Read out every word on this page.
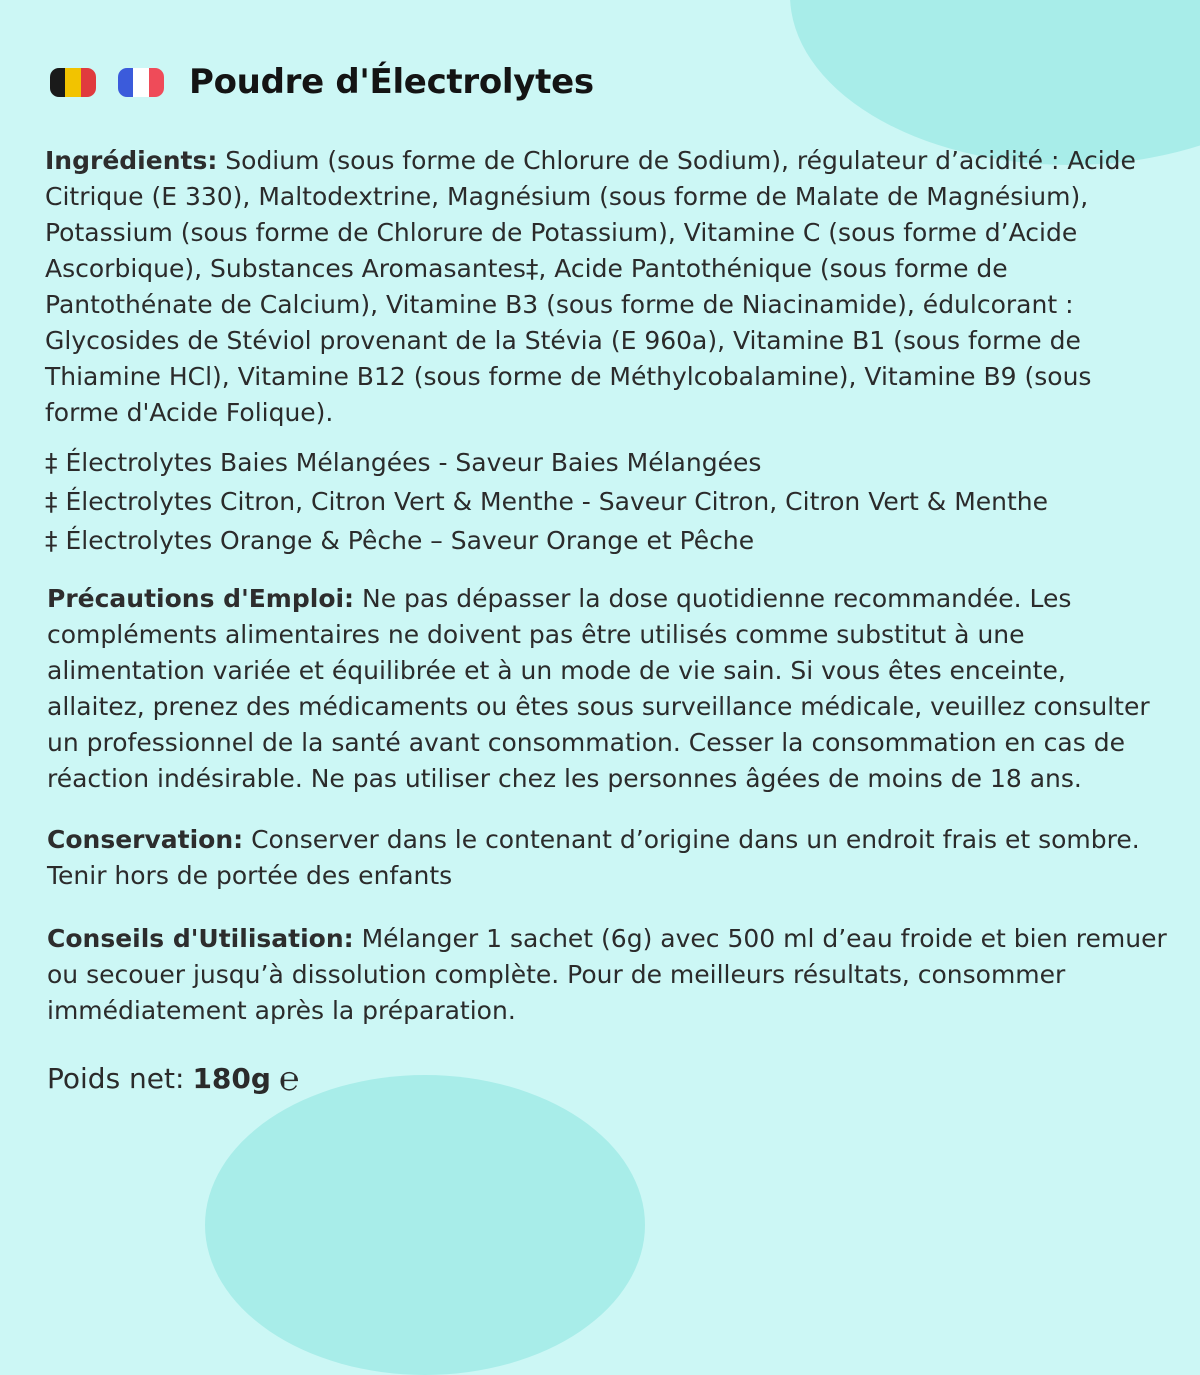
Poudre d'Électrolytes

Ingrédients: Sodium (sous forme de Chlorure de Sodium), régulateur d’acidité : Acide Citrique (E 330), Maltodextrine, Magnésium (sous forme de Malate de Magnésium), Potassium (sous forme de Chlorure de Potassium), Vitamine C (sous forme d’Acide Ascorbique), Substances Aromasantes‡, Acide Pantothénique (sous forme de Pantothénate de Calcium), Vitamine B3 (sous forme de Niacinamide), édulcorant : Glycosides de Stéviol provenant de la Stévia (E 960a), Vitamine B1 (sous forme de Thiamine HCl), Vitamine B12 (sous forme de Méthylcobalamine), Vitamine B9 (sous forme d'Acide Folique).

‡ Électrolytes Baies Mélangées - Saveur Baies Mélangées
‡ Électrolytes Citron, Citron Vert & Menthe - Saveur Citron, Citron Vert & Menthe
‡ Électrolytes Orange & Pêche – Saveur Orange et Pêche

Précautions d'Emploi: Ne pas dépasser la dose quotidienne recommandée. Les compléments alimentaires ne doivent pas être utilisés comme substitut à une alimentation variée et équilibrée et à un mode de vie sain. Si vous êtes enceinte, allaitez, prenez des médicaments ou êtes sous surveillance médicale, veuillez consulter un professionnel de la santé avant consommation. Cesser la consommation en cas de réaction indésirable. Ne pas utiliser chez les personnes âgées de moins de 18 ans.

Conservation: Conserver dans le contenant d’origine dans un endroit frais et sombre. Tenir hors de portée des enfants

Conseils d'Utilisation: Mélanger 1 sachet (6g) avec 500 ml d’eau froide et bien remuer ou secouer jusqu’à dissolution complète. Pour de meilleurs résultats, consommer immédiatement après la préparation.

Poids net: 180g ℮
